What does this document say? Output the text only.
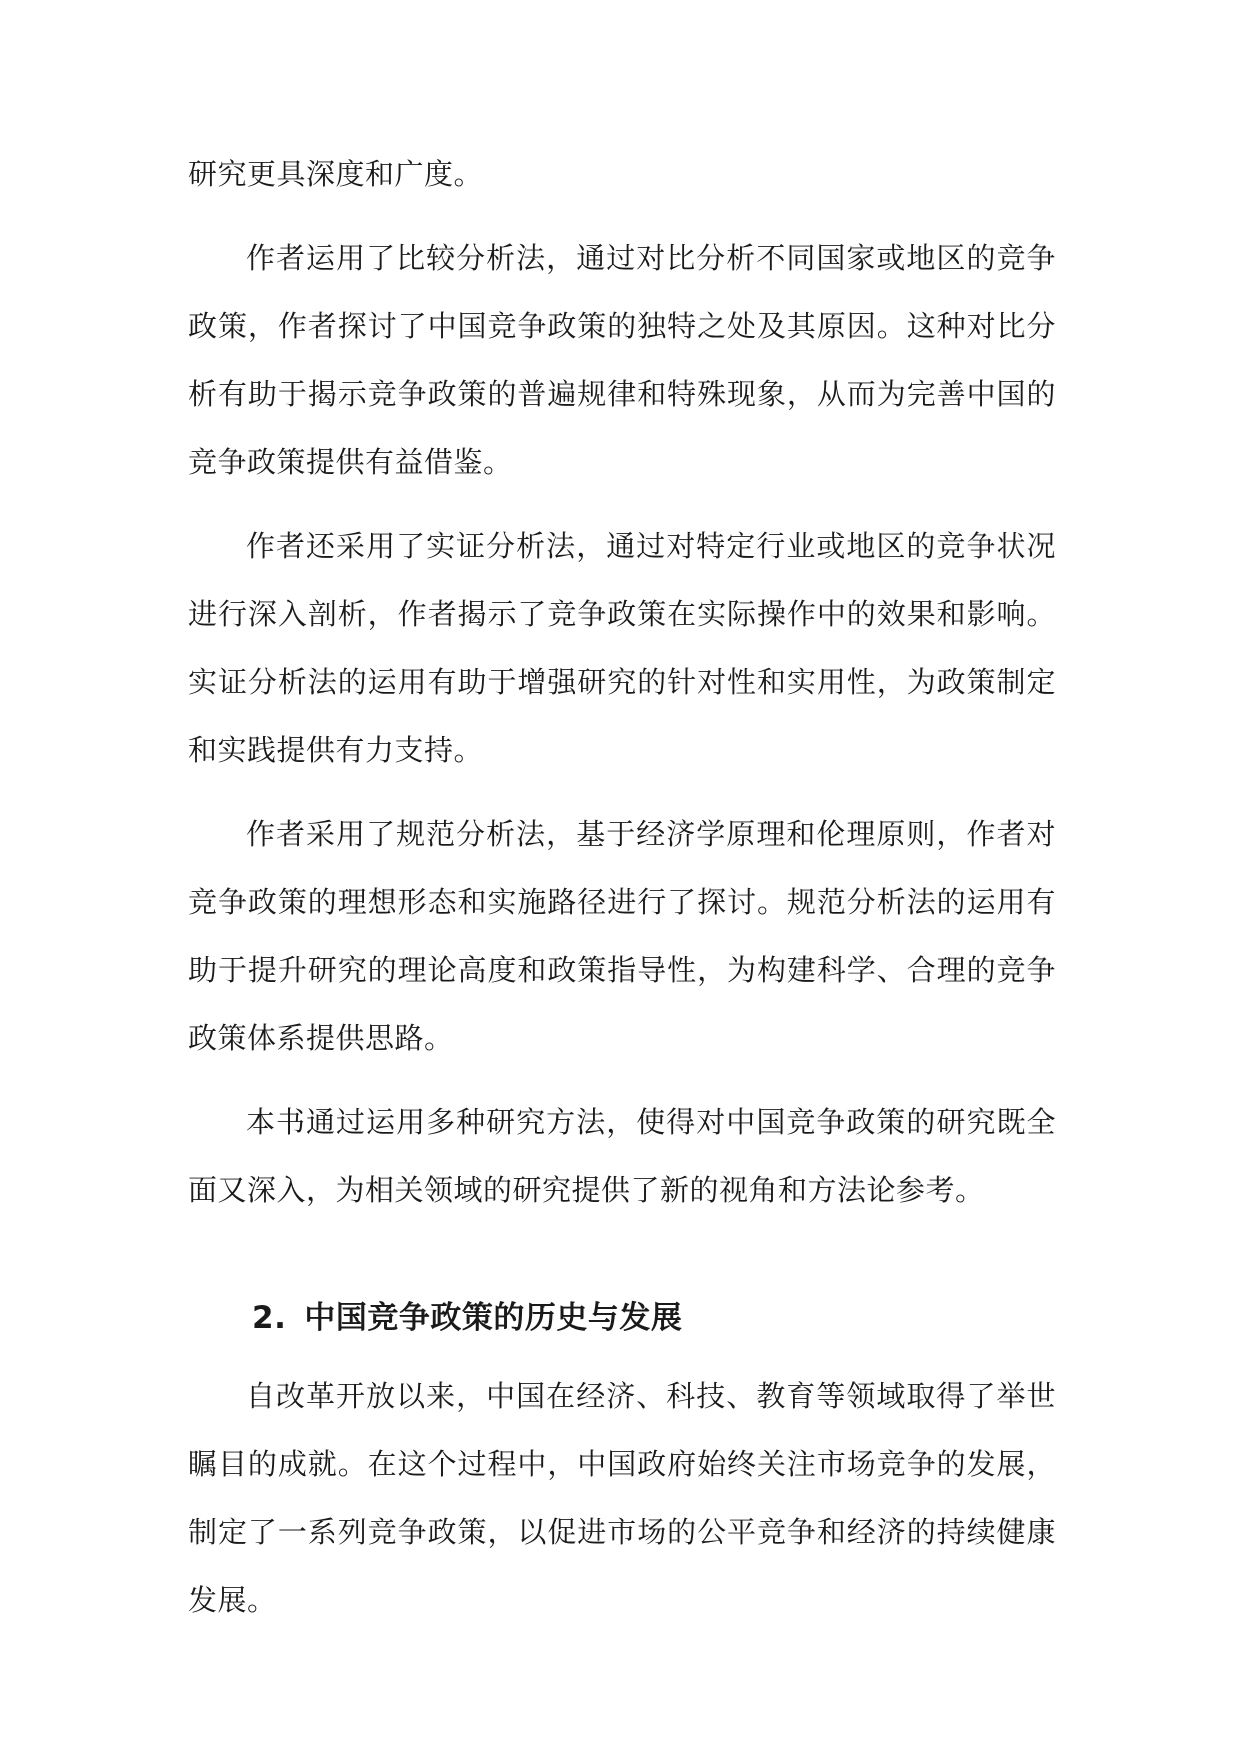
研究更具深度和广度。

作者运用了比较分析法，通过对比分析不同国家或地区的竞争政策，作者探讨了中国竞争政策的独特之处及其原因。这种对比分析有助于揭示竞争政策的普遍规律和特殊现象，从而为完善中国的竞争政策提供有益借鉴。

作者还采用了实证分析法，通过对特定行业或地区的竞争状况进行深入剖析，作者揭示了竞争政策在实际操作中的效果和影响。实证分析法的运用有助于增强研究的针对性和实用性，为政策制定和实践提供有力支持。

作者采用了规范分析法，基于经济学原理和伦理原则，作者对竞争政策的理想形态和实施路径进行了探讨。规范分析法的运用有助于提升研究的理论高度和政策指导性，为构建科学、合理的竞争政策体系提供思路。

本书通过运用多种研究方法，使得对中国竞争政策的研究既全面又深入，为相关领域的研究提供了新的视角和方法论参考。

2. 中国竞争政策的历史与发展

自改革开放以来，中国在经济、科技、教育等领域取得了举世瞩目的成就。在这个过程中，中国政府始终关注市场竞争的发展，制定了一系列竞争政策，以促进市场的公平竞争和经济的持续健康发展。
